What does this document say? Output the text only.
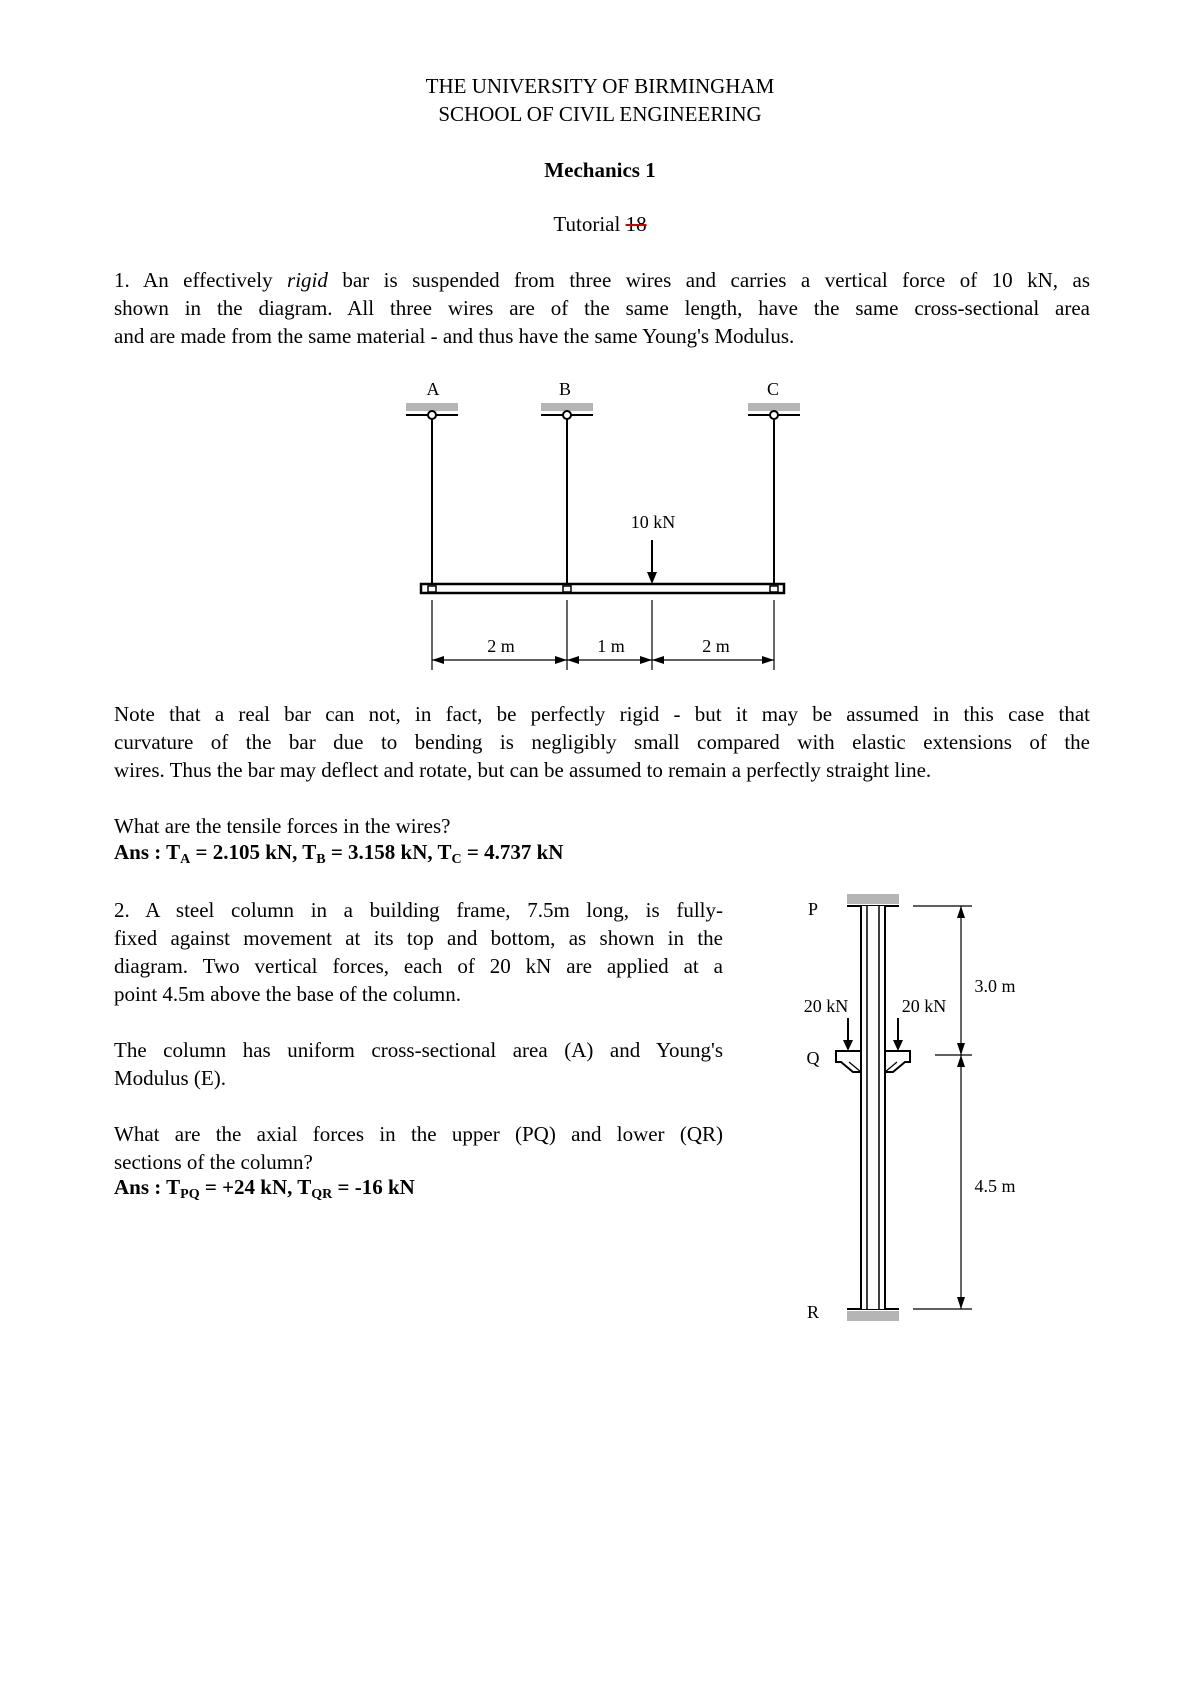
THE UNIVERSITY OF BIRMINGHAM
SCHOOL OF CIVIL ENGINEERING
Mechanics 1
Tutorial 18
1. An effectively rigid bar is suspended from three wires and carries a vertical force of 10 kN, as
shown in the diagram. All three wires are of the same length, have the same cross-sectional area
and are made from the same material - and thus have the same Young's Modulus.
A	B	C
10 kN
2 m	1 m	2 m
Note that a real bar can not, in fact, be perfectly rigid - but it may be assumed in this case that
curvature of the bar due to bending is negligibly small compared with elastic extensions of the
wires. Thus the bar may deflect and rotate, but can be assumed to remain a perfectly straight line.
What are the tensile forces in the wires?
Ans : $T_A = 2.105$ kN, $T_B = 3.158$ kN, $T_C = 4.737$ kN
2. A steel column in a building frame, 7.5m long, is fully-
fixed against movement at its top and bottom, as shown in the
diagram. Two vertical forces, each of 20 kN are applied at a
point 4.5m above the base of the column.
The column has uniform cross-sectional area (A) and Young's
Modulus (E).
What are the axial forces in the upper (PQ) and lower (QR)
sections of the column?
Ans : $T_{PQ} = +24$ kN, $T_{QR} = -16$ kN
P
Q
R
20 kN	20 kN
3.0 m
4.5 m
